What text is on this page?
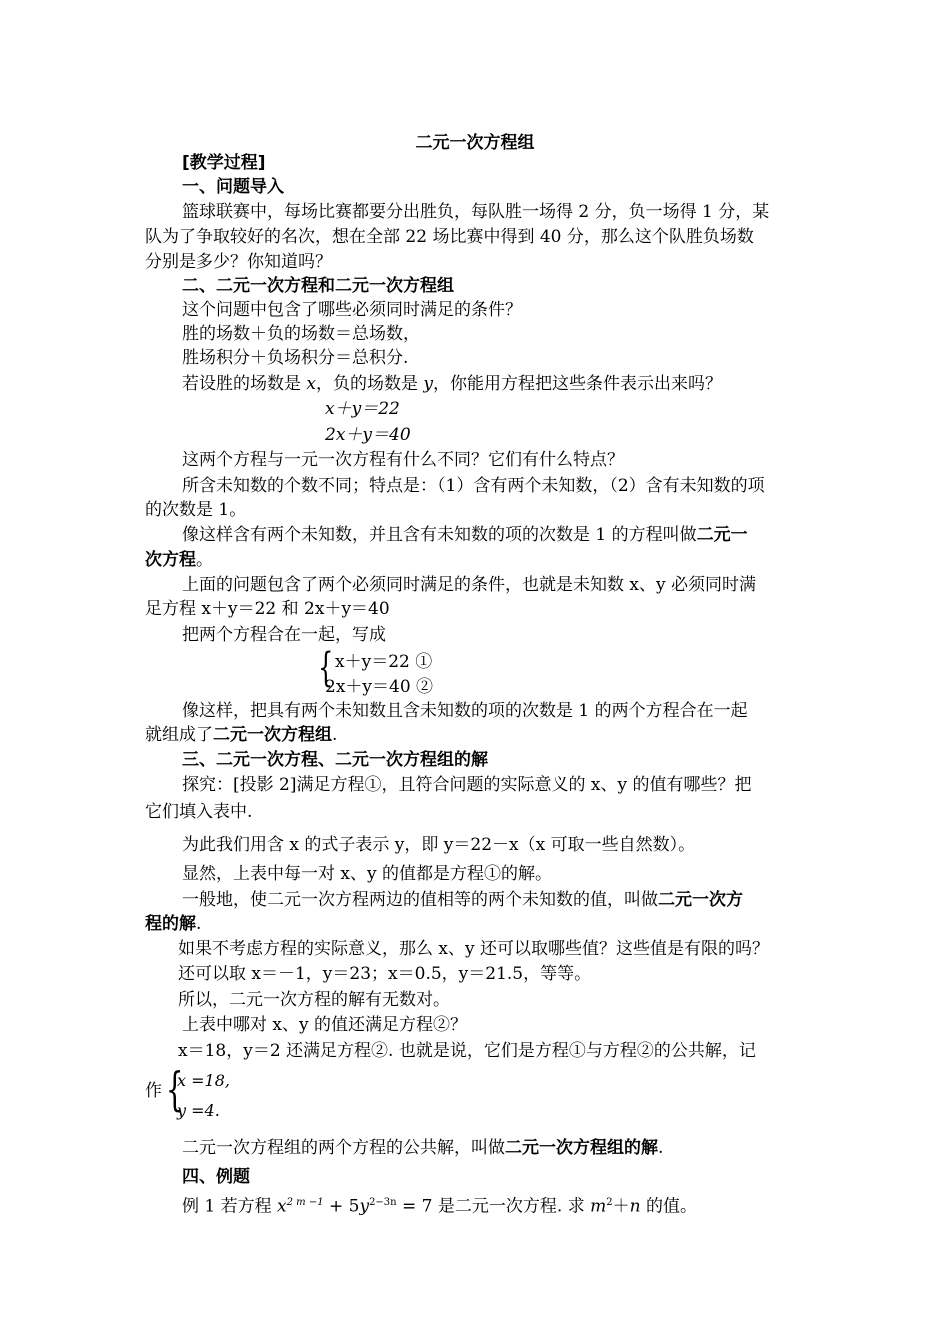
二元一次方程组
[教学过程]
一、问题导入
篮球联赛中，每场比赛都要分出胜负，每队胜一场得 2 分，负一场得 1 分，某
队为了争取较好的名次，想在全部 22 场比赛中得到 40 分，那么这个队胜负场数
分别是多少？你知道吗？
二、二元一次方程和二元一次方程组
这个问题中包含了哪些必须同时满足的条件？
胜的场数＋负的场数＝总场数，
胜场积分＋负场积分＝总积分.
若设胜的场数是 x，负的场数是 y，你能用方程把这些条件表示出来吗？
x＋y＝22
2x＋y＝40
这两个方程与一元一次方程有什么不同？它们有什么特点？
所含未知数的个数不同；特点是：（1）含有两个未知数，（2）含有未知数的项
的次数是 1。
像这样含有两个未知数，并且含有未知数的项的次数是 1 的方程叫做二元一
次方程。
上面的问题包含了两个必须同时满足的条件，也就是未知数 x、y 必须同时满
足方程 x＋y＝22 和 2x＋y＝40
把两个方程合在一起，写成
{ x＋y＝22 ①
2x＋y＝40 ②
像这样，把具有两个未知数且含未知数的项的次数是 1 的两个方程合在一起
就组成了二元一次方程组.
三、二元一次方程、二元一次方程组的解
探究：[投影 2]满足方程①，且符合问题的实际意义的 x、y 的值有哪些？把
它们填入表中.
为此我们用含 x 的式子表示 y，即 y＝22－x（x 可取一些自然数）。
显然，上表中每一对 x、y 的值都是方程①的解。
一般地，使二元一次方程两边的值相等的两个未知数的值，叫做二元一次方
程的解.
如果不考虑方程的实际意义，那么 x、y 还可以取哪些值？这些值是有限的吗？
还可以取 x＝－1，y＝23；x＝0.5，y＝21.5，等等。
所以，二元一次方程的解有无数对。
上表中哪对 x、y 的值还满足方程②？
x＝18，y＝2 还满足方程②. 也就是说，它们是方程①与方程②的公共解，记
作 {
x =18,
y =4.
二元一次方程组的两个方程的公共解，叫做二元一次方程组的解.
四、例题
例 1 若方程 $x^{2 m -1} + 5y^{2-3n} = 7$ 是二元一次方程. 求 $m^2+n$ 的值。
